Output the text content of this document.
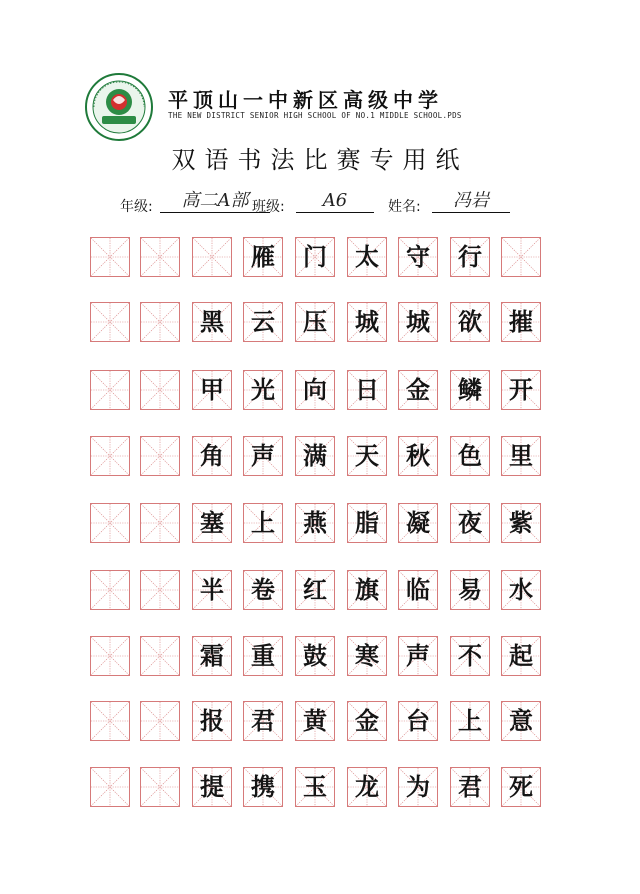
平顶山一中新区高级中学
THE NEW DISTRICT SENIOR HIGH SCHOOL OF NO.1 MIDDLE SCHOOL.PDS
双语书法比赛专用纸
年级:	高二A部 班级:	A6	姓名:	冯岩
雁 门 太 守 行
黑 云 压 城 城 欲 摧
甲 光 向 日 金 鳞 开
角 声 满 天 秋 色 里
塞 上 燕 脂 凝 夜 紫
半 卷 红 旗 临 易 水
霜 重 鼓 寒 声 不 起
报 君 黄 金 台 上 意
提 携 玉 龙 为 君 死
